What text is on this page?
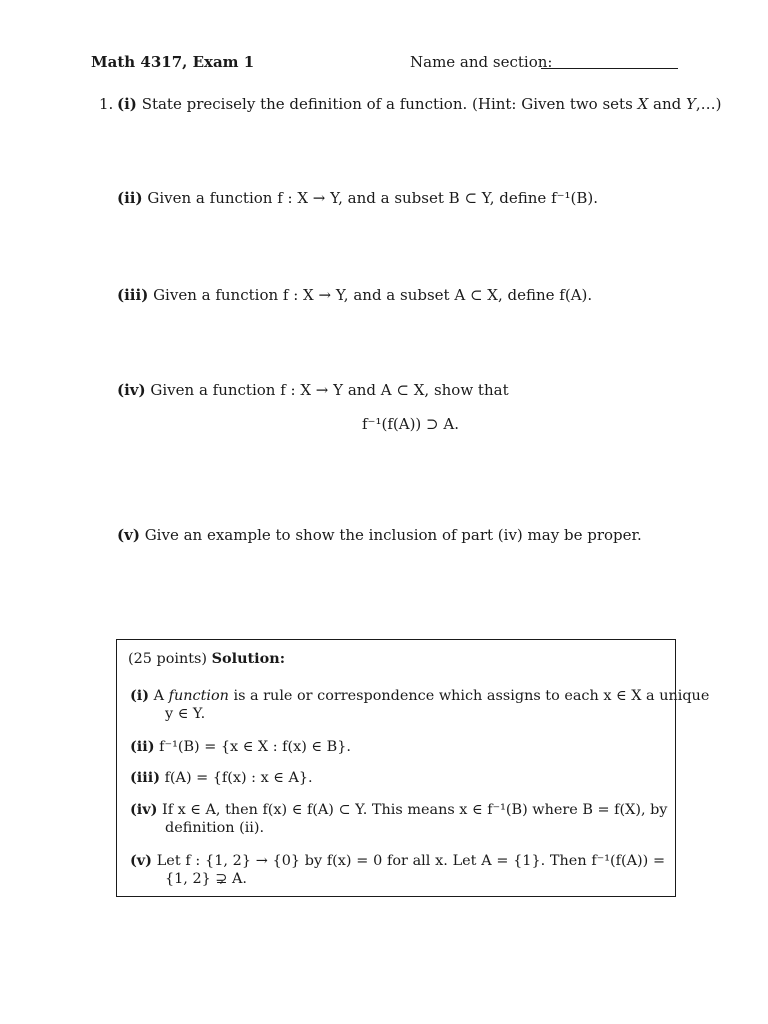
Math 4317, Exam 1	Name and section:
1. (i) State precisely the definition of a function. (Hint: Given two sets X and Y,…)
(ii) Given a function f : X → Y, and a subset B ⊂ Y, define f⁻¹(B).
(iii) Given a function f : X → Y, and a subset A ⊂ X, define f(A).
(iv) Given a function f : X → Y and A ⊂ X, show that
f⁻¹(f(A)) ⊃ A.
(v) Give an example to show the inclusion of part (iv) may be proper.
(25 points) Solution:
(i) A function is a rule or correspondence which assigns to each x ∈ X a unique
y ∈ Y.
(ii) f⁻¹(B) = {x ∈ X : f(x) ∈ B}.
(iii) f(A) = {f(x) : x ∈ A}.
(iv) If x ∈ A, then f(x) ∈ f(A) ⊂ Y. This means x ∈ f⁻¹(B) where B = f(X), by
definition (ii).
(v) Let f : {1, 2} → {0} by f(x) = 0 for all x. Let A = {1}. Then f⁻¹(f(A)) =
{1, 2} ⊋ A.
